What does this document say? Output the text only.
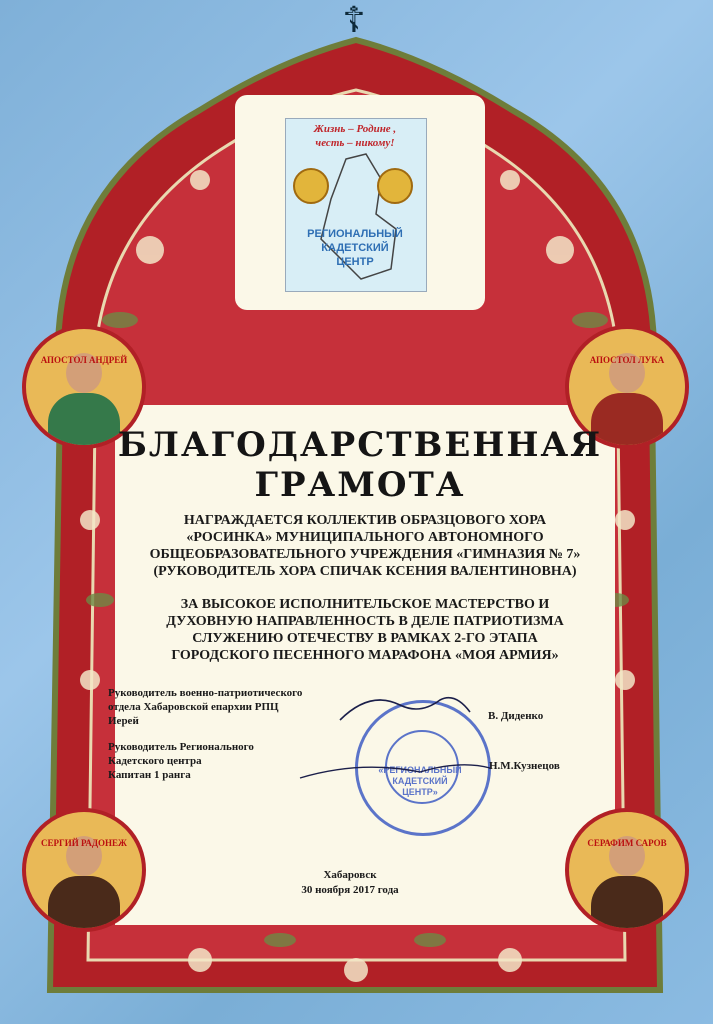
☦
Жизнь – Родине ,
честь – никому!
РЕГИОНАЛЬНЫЙ
КАДЕТСКИЙ
ЦЕНТР
АПОСТОЛ АНДРЕЙ	АПОСТОЛ ЛУКА
СЕРГИЙ РАДОНЕЖ	СЕРАФИМ САРОВ
БЛАГОДАРСТВЕННАЯ ГРАМОТА
НАГРАЖДАЕТСЯ КОЛЛЕКТИВ ОБРАЗЦОВОГО ХОРА
«РОСИНКА» МУНИЦИПАЛЬНОГО АВТОНОМНОГО
ОБЩЕОБРАЗОВАТЕЛЬНОГО УЧРЕЖДЕНИЯ «ГИМНАЗИЯ № 7»
(РУКОВОДИТЕЛЬ ХОРА СПИЧАК КСЕНИЯ ВАЛЕНТИНОВНА)
ЗА ВЫСОКОЕ ИСПОЛНИТЕЛЬСКОЕ МАСТЕРСТВО И
ДУХОВНУЮ НАПРАВЛЕННОСТЬ В ДЕЛЕ ПАТРИОТИЗМА
СЛУЖЕНИЮ ОТЕЧЕСТВУ В РАМКАХ 2-ГО ЭТАПА
ГОРОДСКОГО ПЕСЕННОГО МАРАФОНА «МОЯ АРМИЯ»
Руководитель военно-патриотического
отдела Хабаровской епархии РПЦ
Иерей
Руководитель Регионального
Кадетского центра
Капитан 1 ранга	«РЕГИОНАЛЬНЫЙ
КАДЕТСКИЙ
ЦЕНТР»
В. Диденко
Н.М.Кузнецов
Хабаровск
30 ноября 2017 года
